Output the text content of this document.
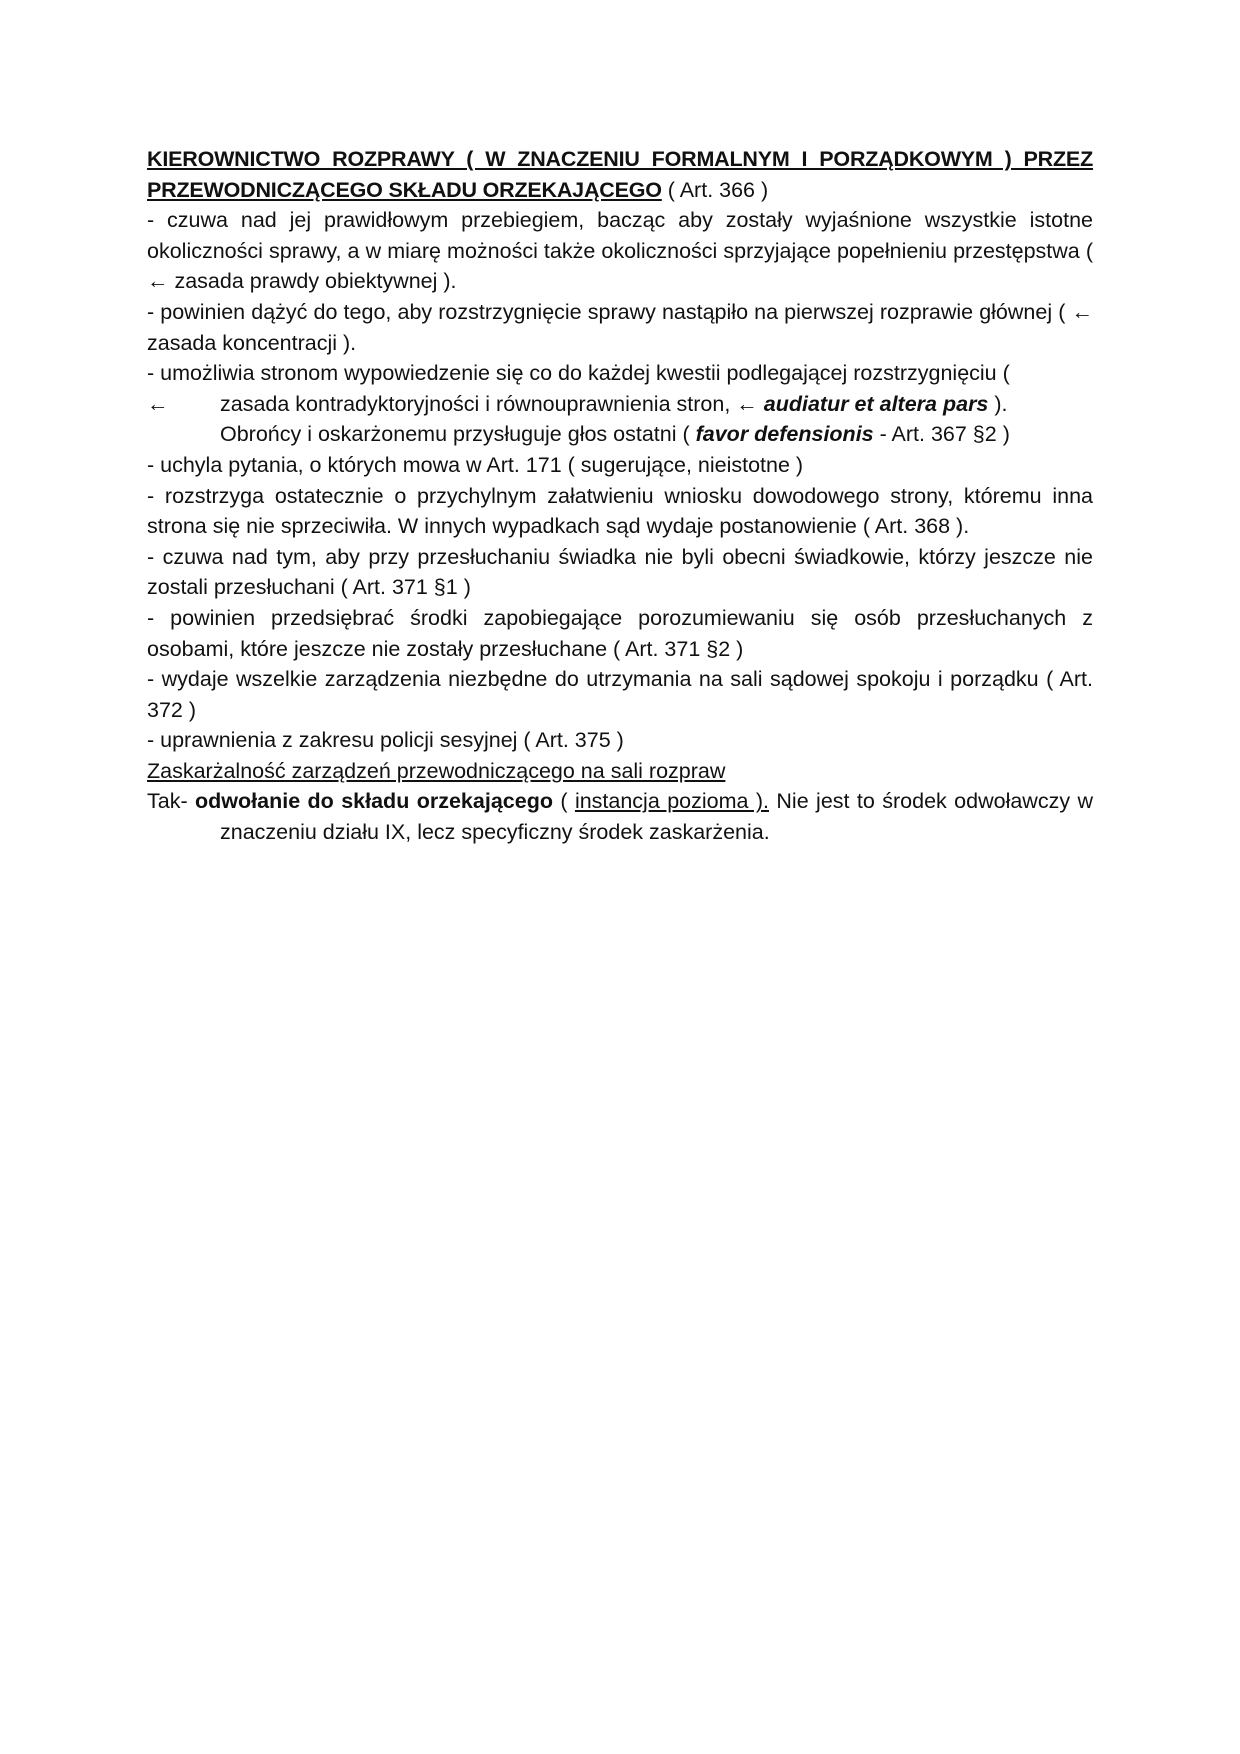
KIEROWNICTWO ROZPRAWY ( W ZNACZENIU FORMALNYM I PORZĄDKOWYM ) PRZEZ PRZEWODNICZĄCEGO SKŁADU ORZEKAJĄCEGO ( Art. 366 )

- czuwa nad jej prawidłowym przebiegiem, bacząc aby zostały wyjaśnione wszystkie istotne okoliczności sprawy, a w miarę możności także okoliczności sprzyjające popełnieniu przestępstwa ( ← zasada prawdy obiektywnej ).

- powinien dążyć do tego, aby rozstrzygnięcie sprawy nastąpiło na pierwszej rozprawie głównej ( ← zasada koncentracji ).

- umożliwia stronom wypowiedzenie się co do każdej kwestii podlegającej rozstrzygnięciu (

← zasada kontradyktoryjności i równouprawnienia stron, ← audiatur et altera pars ).
Obrońcy i oskarżonemu przysługuje głos ostatni ( favor defensionis - Art. 367 §2 )

- uchyla pytania, o których mowa w Art. 171 ( sugerujące, nieistotne )

- rozstrzyga ostatecznie o przychylnym załatwieniu wniosku dowodowego strony, któremu inna strona się nie sprzeciwiła. W innych wypadkach sąd wydaje postanowienie ( Art. 368 ).

- czuwa nad tym, aby przy przesłuchaniu świadka nie byli obecni świadkowie, którzy jeszcze nie zostali przesłuchani ( Art. 371 §1 )

- powinien przedsiębrać środki zapobiegające porozumiewaniu się osób przesłuchanych z osobami, które jeszcze nie zostały przesłuchane ( Art. 371 §2 )

- wydaje wszelkie zarządzenia niezbędne do utrzymania na sali sądowej spokoju i porządku ( Art. 372 )

- uprawnienia z zakresu policji sesyjnej ( Art. 375 )

Zaskarżalność zarządzeń przewodniczącego na sali rozpraw

Tak- odwołanie do składu orzekającego ( instancja pozioma ). Nie jest to środek odwoławczy w znaczeniu działu IX, lecz specyficzny środek zaskarżenia.
